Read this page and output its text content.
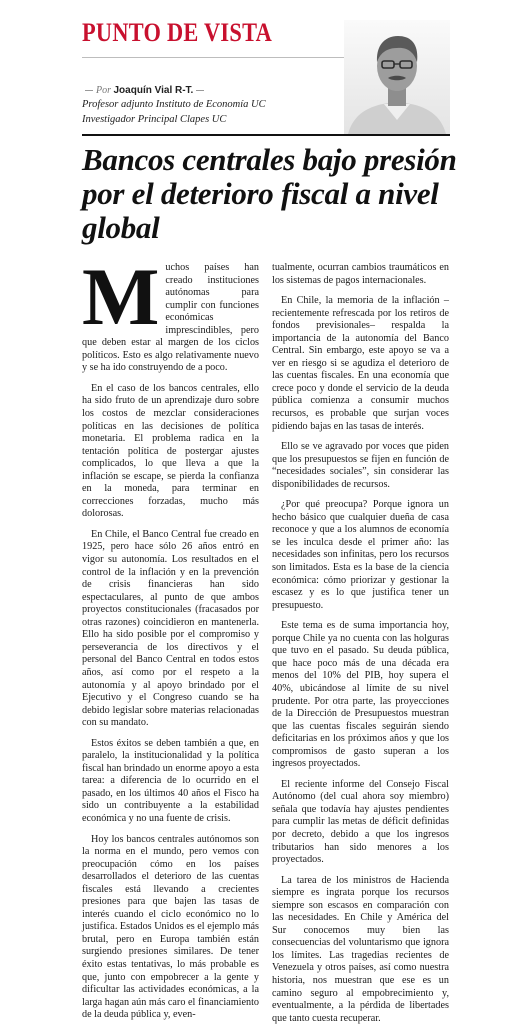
PUNTO DE VISTA
Por Joaquín Vial R-T.
Profesor adjunto Instituto de Economía UC
Investigador Principal Clapes UC
Bancos centrales bajo presión por el deterioro fiscal a nivel global

Muchos países han creado instituciones autónomas para cumplir con funciones económicas imprescindibles, pero que deben estar al margen de los ciclos políticos. Esto es algo relativamente nuevo y se ha ido construyendo de a poco.

En el caso de los bancos centrales, ello ha sido fruto de un aprendizaje duro sobre los costos de mezclar consideraciones políticas en las decisiones de política monetaria. El problema radica en la tentación política de postergar ajustes complicados, lo que lleva a que la inflación se escape, se pierda la confianza en la moneda, para terminar en correcciones forzadas, mucho más dolorosas.

En Chile, el Banco Central fue creado en 1925, pero hace sólo 26 años entró en vigor su autonomía. Los resultados en el control de la inflación y en la prevención de crisis financieras han sido espectaculares, al punto de que ambos proyectos constitucionales (fracasados por otras razones) coincidieron en mantenerla. Ello ha sido posible por el compromiso y perseverancia de los directivos y el personal del Banco Central en todos estos años, así como por el respeto a la autonomía y al apoyo brindado por el Ejecutivo y el Congreso cuando se ha debido legislar sobre materias relacionadas con su mandato.

Estos éxitos se deben también a que, en paralelo, la institucionalidad y la política fiscal han brindado un enorme apoyo a esta tarea: a diferencia de lo ocurrido en el pasado, en los últimos 40 años el Fisco ha sido un contribuyente a la estabilidad económica y no una fuente de crisis.

Hoy los bancos centrales autónomos son la norma en el mundo, pero vemos con preocupación cómo en los países desarrollados el deterioro de las cuentas fiscales está llevando a crecientes presiones para que bajen las tasas de interés cuando el ciclo económico no lo justifica. Estados Unidos es el ejemplo más brutal, pero en Europa también están surgiendo presiones similares. De tener éxito estas tentativas, lo más probable es que, junto con empobrecer a la gente y dificultar las actividades económicas, a la larga hagan aún más caro el financiamiento de la deuda pública y, even-

tualmente, ocurran cambios traumáticos en los sistemas de pagos internacionales.

En Chile, la memoria de la inflación –recientemente refrescada por los retiros de fondos previsionales– respalda la importancia de la autonomía del Banco Central. Sin embargo, este apoyo se va a ver en riesgo si se agudiza el deterioro de las cuentas fiscales. En una economía que crece poco y donde el servicio de la deuda pública comienza a consumir muchos recursos, es probable que surjan voces pidiendo bajas en las tasas de interés.

Ello se ve agravado por voces que piden que los presupuestos se fijen en función de “necesidades sociales”, sin considerar las disponibilidades de recursos.

¿Por qué preocupa? Porque ignora un hecho básico que cualquier dueña de casa reconoce y que a los alumnos de economía se les inculca desde el primer año: las necesidades son infinitas, pero los recursos son limitados. Esta es la base de la ciencia económica: cómo priorizar y gestionar la escasez y es lo que justifica tener un presupuesto.

Este tema es de suma importancia hoy, porque Chile ya no cuenta con las holguras que tuvo en el pasado. Su deuda pública, que hace poco más de una década era menos del 10% del PIB, hoy supera el 40%, ubicándose al límite de su nivel prudente. Por otra parte, las proyecciones de la Dirección de Presupuestos muestran que las cuentas fiscales seguirán siendo deficitarias en los próximos años y que los compromisos de gasto superan a los ingresos proyectados.

El reciente informe del Consejo Fiscal Autónomo (del cual ahora soy miembro) señala que todavía hay ajustes pendientes para cumplir las metas de déficit definidas por decreto, debido a que los ingresos tributarios han sido menores a los proyectados.

La tarea de los ministros de Hacienda siempre es ingrata porque los recursos siempre son escasos en comparación con las necesidades. En Chile y América del Sur conocemos muy bien las consecuencias del voluntarismo que ignora los límites. Las tragedias recientes de Venezuela y otros países, así como nuestra historia, nos muestran que ese es un camino seguro al empobrecimiento y, eventualmente, a la pérdida de libertades que tanto cuesta recuperar.
